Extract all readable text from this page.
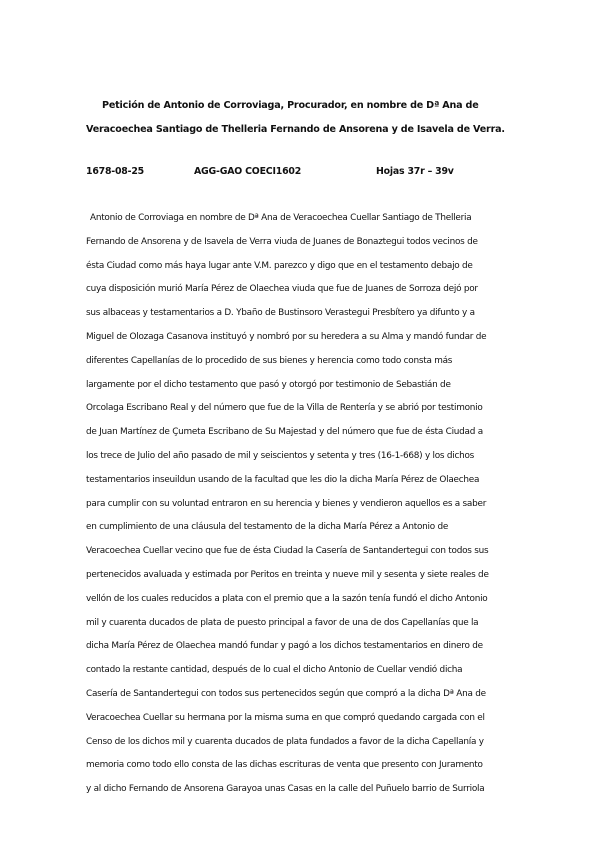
Petición de Antonio de Corroviaga, Procurador, en nombre de Dª Ana de
Veracoechea Santiago de Thelleria Fernando de Ansorena y de Isavela de Verra.
1678-08-25	AGG-GAO COECI1602	Hojas 37r – 39v
Antonio de Corroviaga en nombre de Dª Ana de Veracoechea Cuellar Santiago de Thelleria
Fernando de Ansorena y de Isavela de Verra viuda de Juanes de Bonaztegui todos vecinos de
ésta Ciudad como más haya lugar ante V.M. parezco y digo que en el testamento debajo de
cuya disposición murió María Pérez de Olaechea viuda que fue de Juanes de Sorroza dejó por
sus albaceas y testamentarios a D. Ybaño de Bustinsoro Verastegui Presbítero ya difunto y a
Miguel de Olozaga Casanova instituyó y nombró por su heredera a su Alma y mandó fundar de
diferentes Capellanías de lo procedido de sus bienes y herencia como todo consta más
largamente por el dicho testamento que pasó y otorgó por testimonio de Sebastián de
Orcolaga Escribano Real y del número que fue de la Villa de Rentería y se abrió por testimonio
de Juan Martínez de Çumeta Escribano de Su Majestad y del número que fue de ésta Ciudad a
los trece de Julio del año pasado de mil y seiscientos y setenta y tres (16-1-668) y los dichos
testamentarios inseuildun usando de la facultad que les dio la dicha María Pérez de Olaechea
para cumplir con su voluntad entraron en su herencia y bienes y vendieron aquellos es a saber
en cumplimiento de una cláusula del testamento de la dicha María Pérez a Antonio de
Veracoechea Cuellar vecino que fue de ésta Ciudad la Casería de Santandertegui con todos sus
pertenecidos avaluada y estimada por Peritos en treinta y nueve mil y sesenta y siete reales de
vellón de los cuales reducidos a plata con el premio que a la sazón tenía fundó el dicho Antonio
mil y cuarenta ducados de plata de puesto principal a favor de una de dos Capellanías que la
dicha María Pérez de Olaechea mandó fundar y pagó a los dichos testamentarios en dinero de
contado la restante cantidad, después de lo cual el dicho Antonio de Cuellar vendió dicha
Casería de Santandertegui con todos sus pertenecidos según que compró a la dicha Dª Ana de
Veracoechea Cuellar su hermana por la misma suma en que compró quedando cargada con el
Censo de los dichos mil y cuarenta ducados de plata fundados a favor de la dicha Capellanía y
memoria como todo ello consta de las dichas escrituras de venta que presento con Juramento
y al dicho Fernando de Ansorena Garayoa unas Casas en la calle del Puñuelo barrio de Surriola
